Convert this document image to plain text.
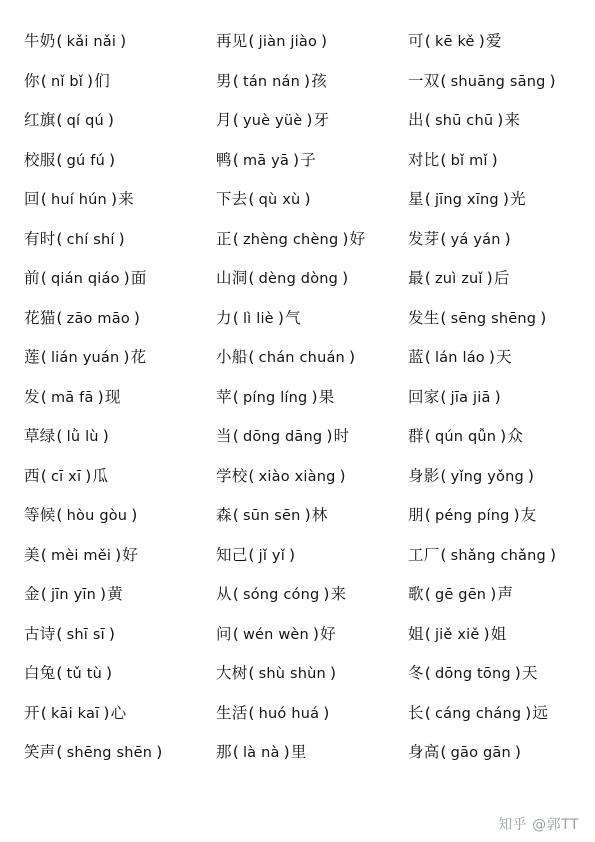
牛奶( kǎi nǎi )	再见( jiàn jiào )	可( kē kě )爱
你( nǐ bǐ )们	男( tán nán )孩	一双( shuāng sāng )
红旗( qí qú )	月( yuè yüè )牙	出( shū chū )来
校服( gú fú )	鸭( mā yā )子	对比( bǐ mǐ )
回( huí hún )来	下去( qù xù )	星( jīng xīng )光
有时( chí shí )	正( zhèng chèng )好	发芽( yá yán )
前( qián qiáo )面	山洞( dèng dòng )	最( zuì zuǐ )后
花猫( zāo māo )	力( lì liè )气	发生( sēng shēng )
莲( lián yuán )花	小船( chán chuán )	蓝( lán láo )天
发( mā fā )现	苹( píng líng )果	回家( jīa jiā )
草绿( lǜ lù )	当( dōng dāng )时	群( qún qǚn )众
西( cī xī )瓜	学校( xiào xiàng )	身影( yǐng yǒng )
等候( hòu gòu )	森( sūn sēn )林	朋( péng píng )友
美( mèi měi )好	知己( jǐ yǐ )	工厂( shǎng chǎng )
金( jīn yīn )黄	从( sóng cóng )来	歌( gē gēn )声
古诗( shī sī )	问( wén wèn )好	姐( jiě xiě )姐
白兔( tǔ tù )	大树( shù shùn )	冬( dōng tōng )天
开( kāi kaī )心	生活( huó huá )	长( cáng cháng )远
笑声( shēng shēn )	那( là nà )里	身高( gāo gān )
知乎 @郭TT
